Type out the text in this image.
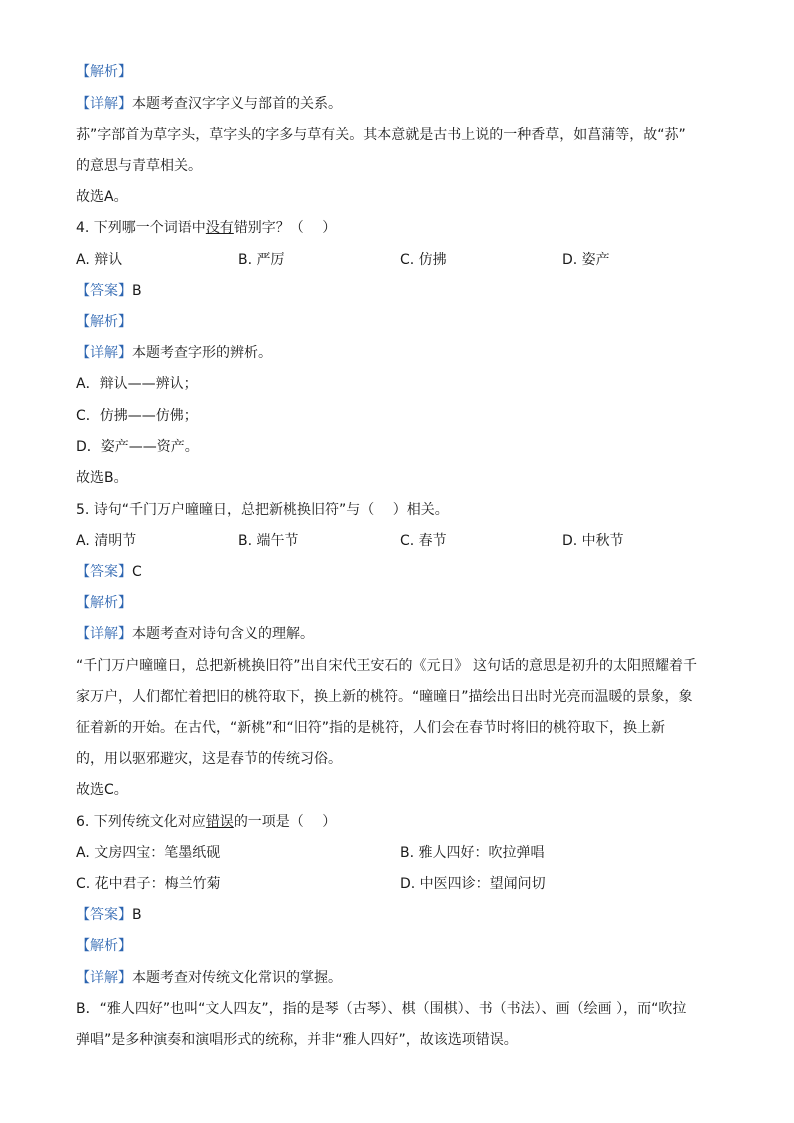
【解析】
【详解】本题考查汉字字义与部首的关系。
荪”字部首为草字头，草字头的字多与草有关。其本意就是古书上说的一种香草，如菖蒲等，故“荪”
的意思与青草相关。
故选A。
4. 下列哪一个词语中没有错别字？（　 ）
A. 辩认	B. 严厉	C. 仿拂	D. 姿产
【答案】B
【解析】
【详解】本题考查字形的辨析。
A．辩认——辨认；
C．仿拂——仿佛；
D．姿产——资产。
故选B。
5. 诗句“千门万户曈曈日，总把新桃换旧符”与（　 ）相关。
A. 清明节	B. 端午节	C. 春节	D. 中秋节
【答案】C
【解析】
【详解】本题考查对诗句含义的理解。
“千门万户曈曈日，总把新桃换旧符”出自宋代王安石的《元日》 这句话的意思是初升的太阳照耀着千
家万户，人们都忙着把旧的桃符取下，换上新的桃符。“曈曈日”描绘出日出时光亮而温暖的景象，象
征着新的开始。在古代，“新桃”和“旧符”指的是桃符，人们会在春节时将旧的桃符取下，换上新
的，用以驱邪避灾，这是春节的传统习俗。
故选C。
6. 下列传统文化对应错误的一项是（　 ）
A. 文房四宝：笔墨纸砚	B. 雅人四好：吹拉弹唱
C. 花中君子：梅兰竹菊	D. 中医四诊：望闻问切
【答案】B
【解析】
【详解】本题考查对传统文化常识的掌握。
B．“雅人四好”也叫“文人四友”，指的是琴（古琴）、棋（围棋）、书（书法）、画（绘画 ），而“吹拉
弹唱”是多种演奏和演唱形式的统称，并非“雅人四好”，故该选项错误。
